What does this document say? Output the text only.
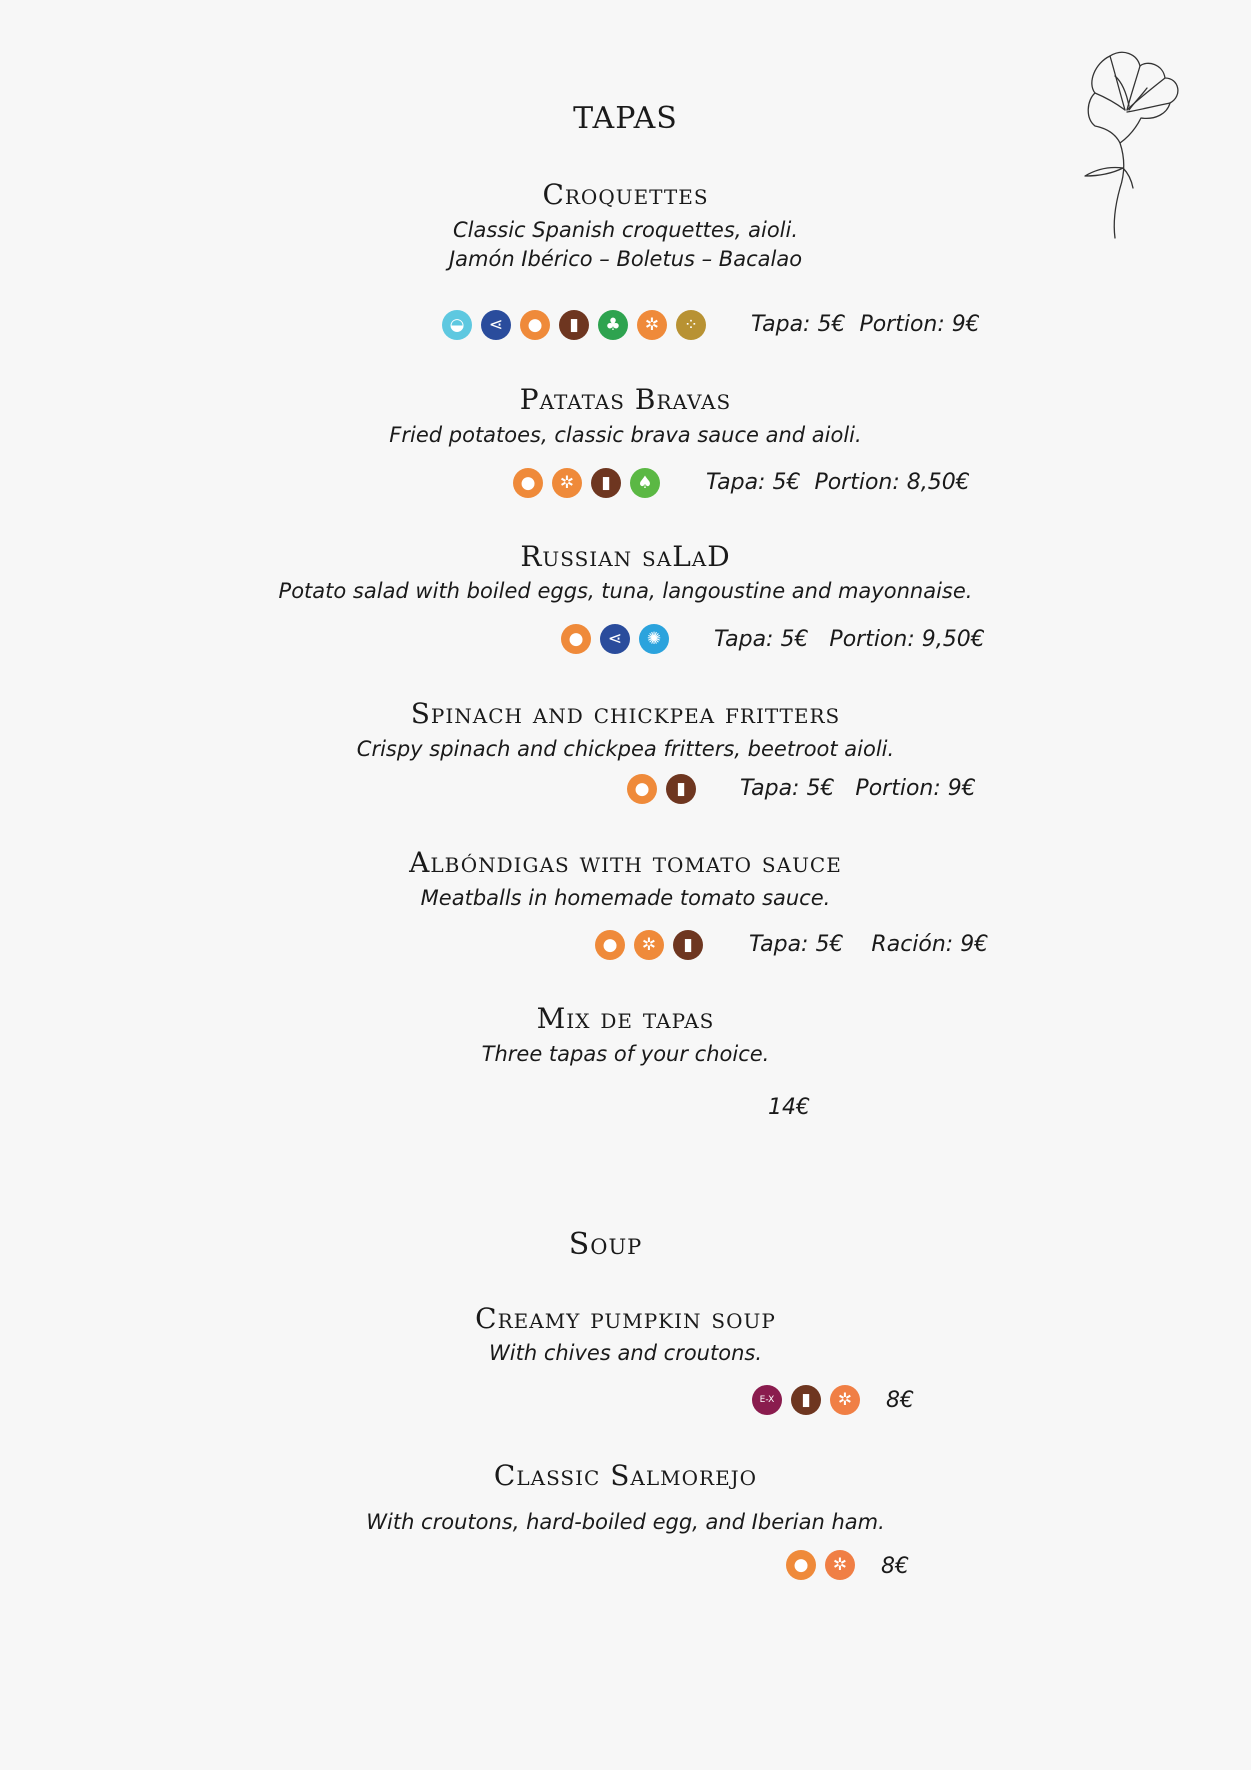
TAPAS
Croquettes
Classic Spanish croquettes, aioli.
Jamón Ibérico – Boletus – Bacalao
◒	⋖	●	▮	♣	✲	⁘	Tapa: 5€  Portion: 9€
Patatas Bravas
Fried potatoes, classic brava sauce and aioli.
●	✲	▮	♠	Tapa: 5€  Portion: 8,50€
Russian saLaD
Potato salad with boiled eggs, tuna, langoustine and mayonnaise.
●	⋖	✺	Tapa: 5€   Portion: 9,50€
Spinach and chickpea fritters
Crispy spinach and chickpea fritters, beetroot aioli.
●	▮	Tapa: 5€   Portion: 9€
Albóndigas with tomato sauce
Meatballs in homemade tomato sauce.
●	✲	▮	Tapa: 5€    Ración: 9€
Mix de tapas
Three tapas of your choice.
14€
Soup
Creamy pumpkin soup
With chives and croutons.
E-X	▮	✲	8€
Classic Salmorejo
With croutons, hard-boiled egg, and Iberian ham.
●	✲	8€
